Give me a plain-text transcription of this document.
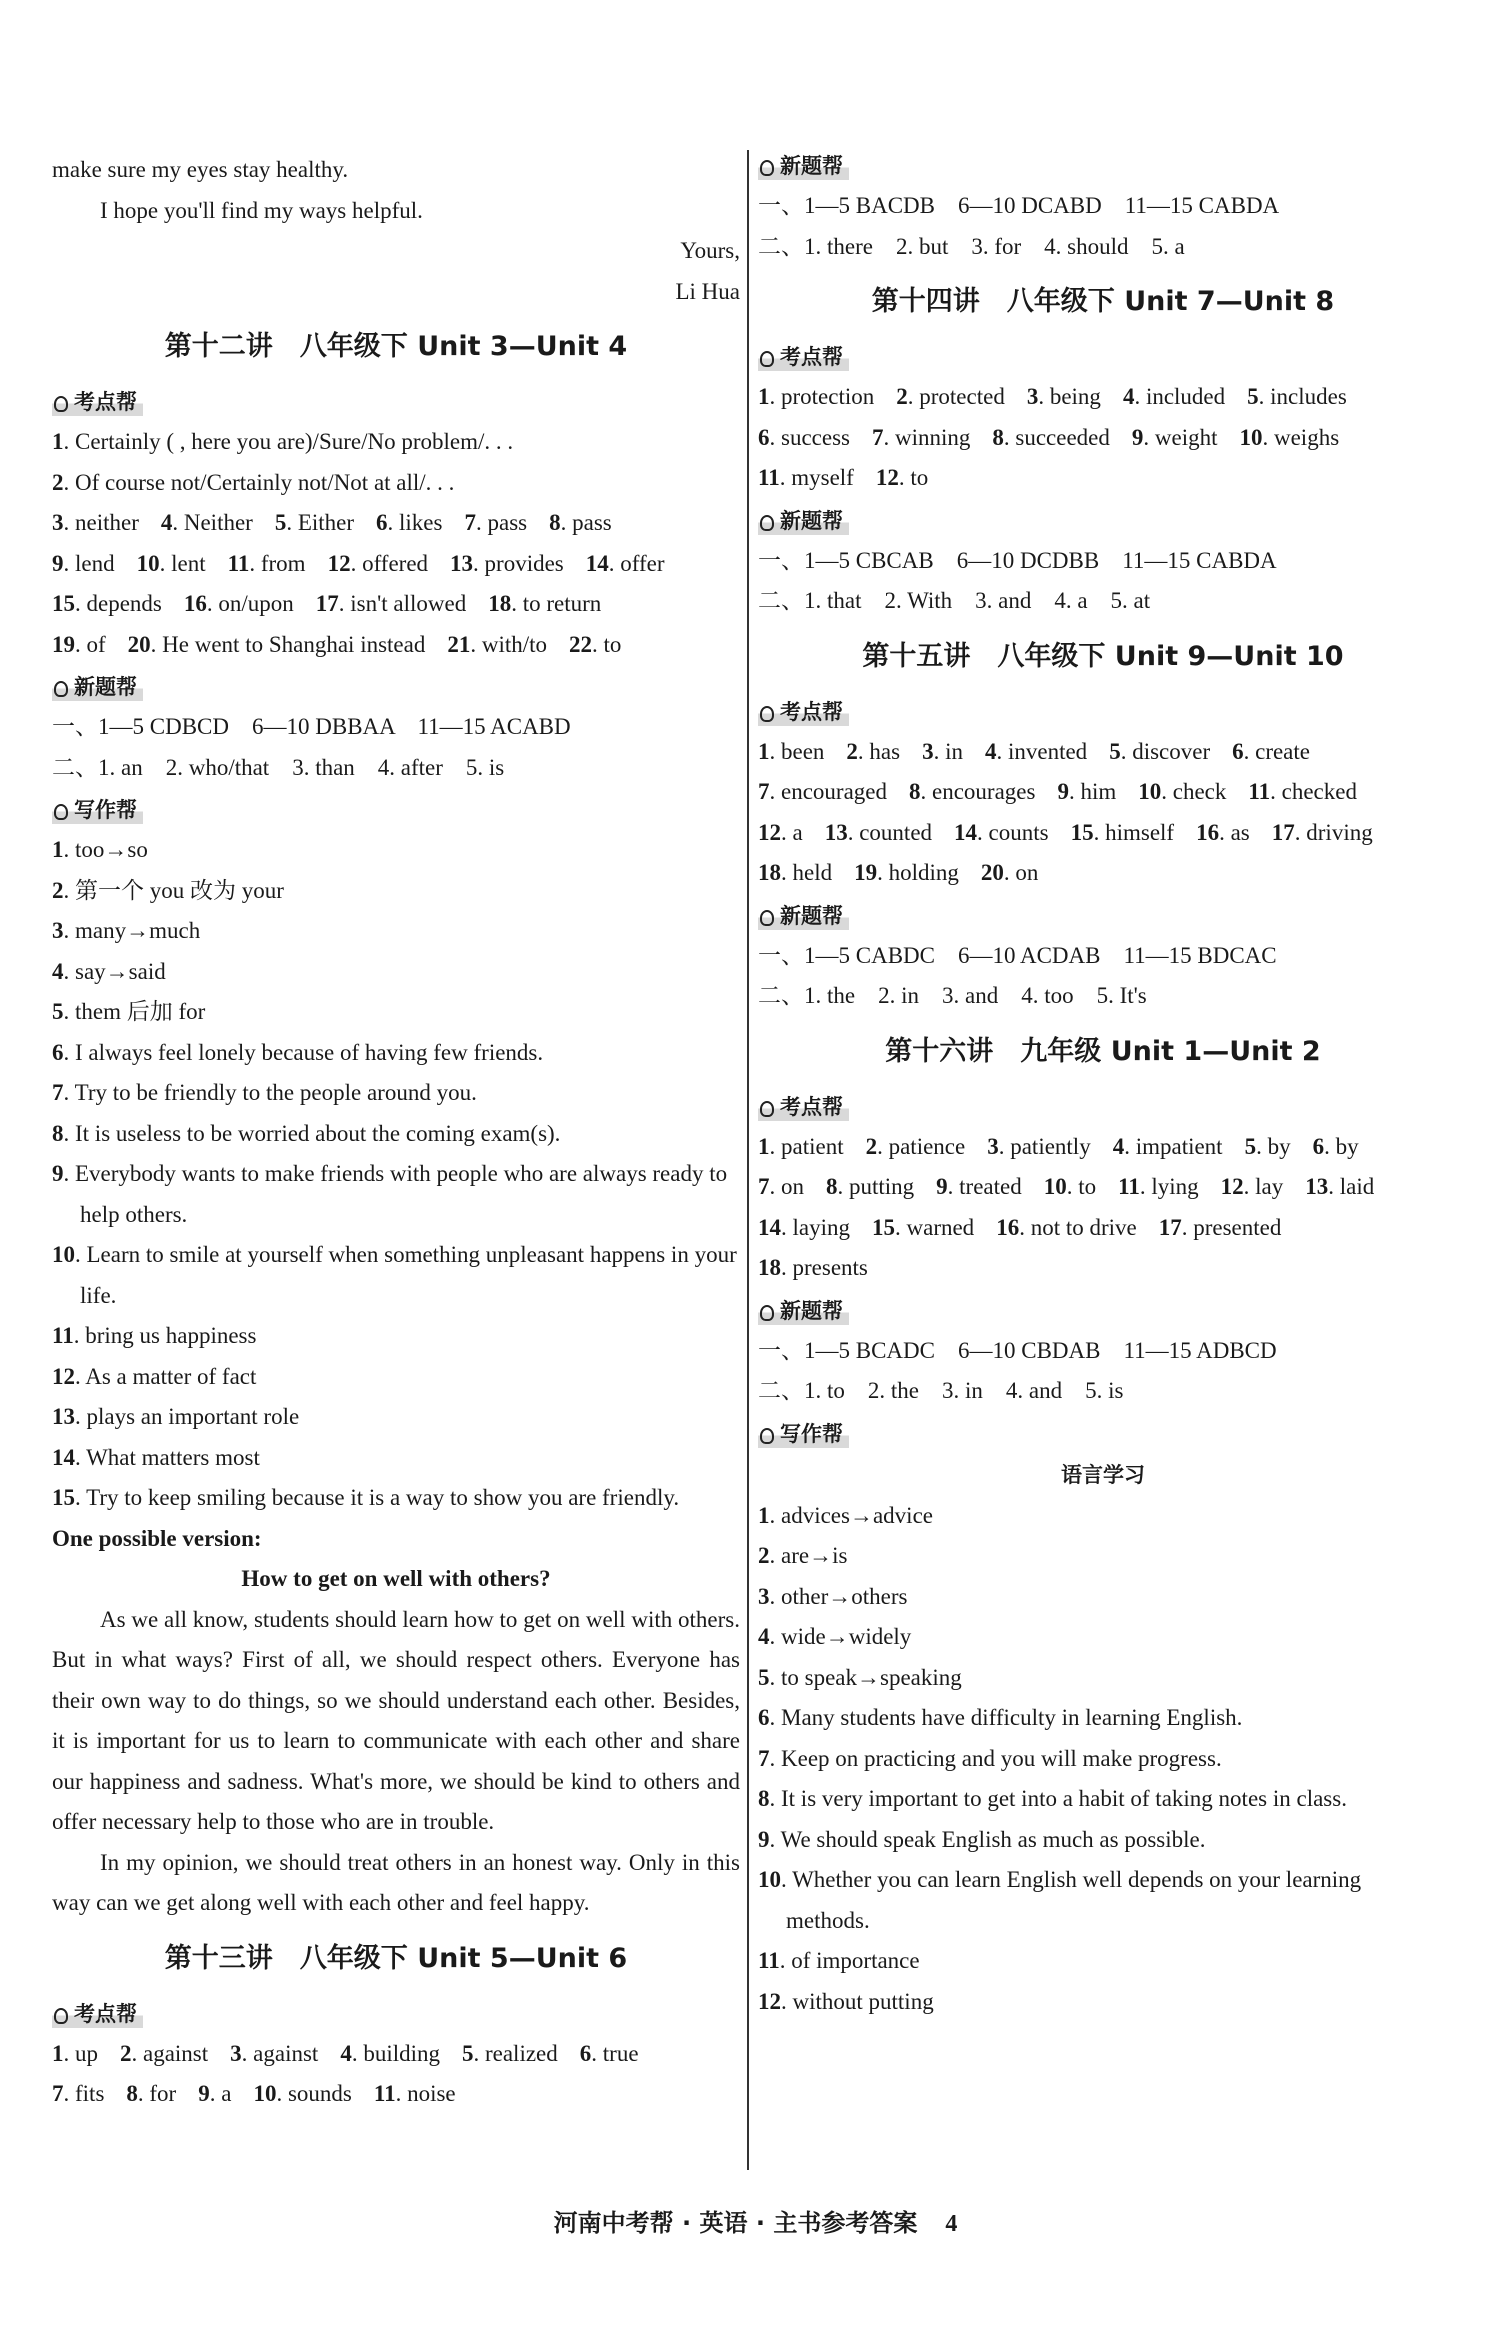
make sure my eyes stay healthy.
I hope you'll find my ways helpful.
Yours,
Li Hua
第十二讲　八年级下 Unit 3—Unit 4
考点帮
1. Certainly ( , here you are)/Sure/No problem/. . .
2. Of course not/Certainly not/Not at all/. . .
3. neither 4. Neither 5. Either 6. likes 7. pass 8. pass
9. lend 10. lent 11. from 12. offered 13. provides 14. offer
15. depends 16. on/upon 17. isn't allowed 18. to return
19. of 20. He went to Shanghai instead 21. with/to 22. to
新题帮
一、1—5 CDBCD　6—10 DBBAA　11—15 ACABD
二、1. an　2. who/that　3. than　4. after　5. is
写作帮
1. too→so
2. 第一个 you 改为 your
3. many→much
4. say→said
5. them 后加 for
6. I always feel lonely because of having few friends.
7. Try to be friendly to the people around you.
8. It is useless to be worried about the coming exam(s).
9. Everybody wants to make friends with people who are always ready to help others.
10. Learn to smile at yourself when something unpleasant happens in your life.
11. bring us happiness
12. As a matter of fact
13. plays an important role
14. What matters most
15. Try to keep smiling because it is a way to show you are friendly.
One possible version:
How to get on well with others?
As we all know, students should learn how to get on well with others. But in what ways? First of all, we should respect others. Everyone has their own way to do things, so we should understand each other. Besides, it is important for us to learn to communicate with each other and share our happiness and sadness. What's more, we should be kind to others and offer necessary help to those who are in trouble.
In my opinion, we should treat others in an honest way. Only in this way can we get along well with each other and feel happy.
第十三讲　八年级下 Unit 5—Unit 6
考点帮
1. up 2. against 3. against 4. building 5. realized 6. true
7. fits 8. for 9. a 10. sounds 11. noise
新题帮
一、1—5 BACDB　6—10 DCABD　11—15 CABDA
二、1. there　2. but　3. for　4. should　5. a
第十四讲　八年级下 Unit 7—Unit 8
考点帮
1. protection 2. protected 3. being 4. included 5. includes
6. success 7. winning 8. succeeded 9. weight 10. weighs
11. myself 12. to
新题帮
一、1—5 CBCAB　6—10 DCDBB　11—15 CABDA
二、1. that　2. With　3. and　4. a　5. at
第十五讲　八年级下 Unit 9—Unit 10
考点帮
1. been 2. has 3. in 4. invented 5. discover 6. create
7. encouraged 8. encourages 9. him 10. check 11. checked
12. a 13. counted 14. counts 15. himself 16. as 17. driving
18. held 19. holding 20. on
新题帮
一、1—5 CABDC　6—10 ACDAB　11—15 BDCAC
二、1. the　2. in　3. and　4. too　5. It's
第十六讲　九年级 Unit 1—Unit 2
考点帮
1. patient 2. patience 3. patiently 4. impatient 5. by 6. by
7. on 8. putting 9. treated 10. to 11. lying 12. lay 13. laid
14. laying 15. warned 16. not to drive 17. presented
18. presents
新题帮
一、1—5 BCADC　6—10 CBDAB　11—15 ADBCD
二、1. to　2. the　3. in　4. and　5. is
写作帮
语言学习
1. advices→advice
2. are→is
3. other→others
4. wide→widely
5. to speak→speaking
6. Many students have difficulty in learning English.
7. Keep on practicing and you will make progress.
8. It is very important to get into a habit of taking notes in class.
9. We should speak English as much as possible.
10. Whether you can learn English well depends on your learning methods.
11. of importance
12. without putting
河南中考帮 · 英语 · 主书参考答案 4
